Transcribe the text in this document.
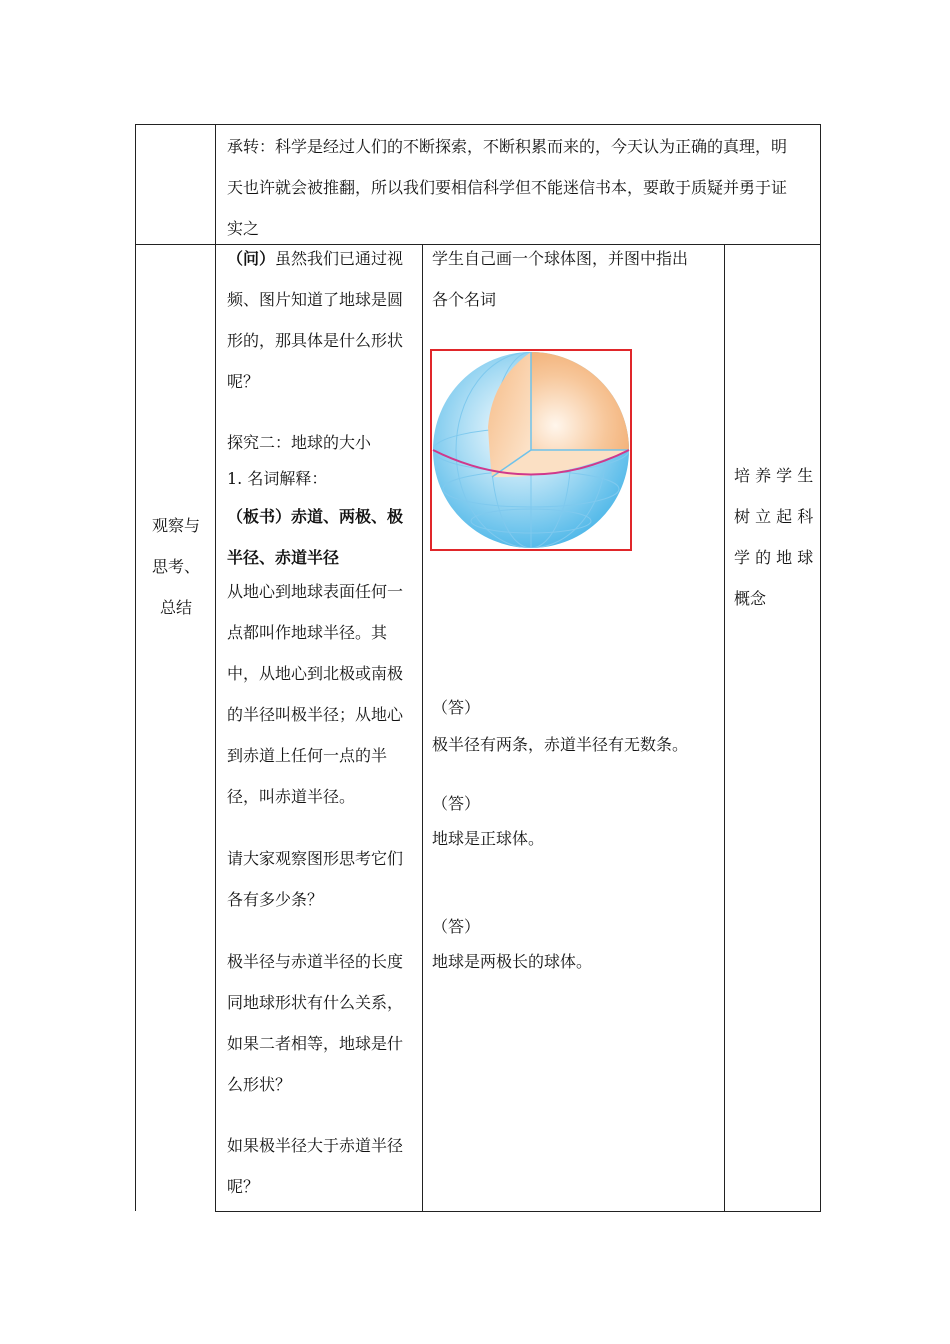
承转：科学是经过人们的不断探索，不断积累而来的，今天认为正确的真理，明

天也许就会被推翻，所以我们要相信科学但不能迷信书本，要敢于质疑并勇于证

实之

观察与

思考、

总结

（问）虽然我们已通过视

频、图片知道了地球是圆

形的，那具体是什么形状

呢？

探究二：地球的大小
1. 名词解释：

（板书）赤道、两极、极

半径、赤道半径

从地心到地球表面任何一

点都叫作地球半径。其

中，从地心到北极或南极

的半径叫极半径；从地心

到赤道上任何一点的半

径，叫赤道半径。

请大家观察图形思考它们

各有多少条？

极半径与赤道半径的长度

同地球形状有什么关系，

如果二者相等，地球是什

么形状？

如果极半径大于赤道半径

呢？

学生自己画一个球体图，并图中指出

各个名词

（答）

极半径有两条，赤道半径有无数条。

（答）

地球是正球体。

（答）

地球是两极长的球体。

培 养 学 生

树 立 起 科

学 的 地 球

概念
